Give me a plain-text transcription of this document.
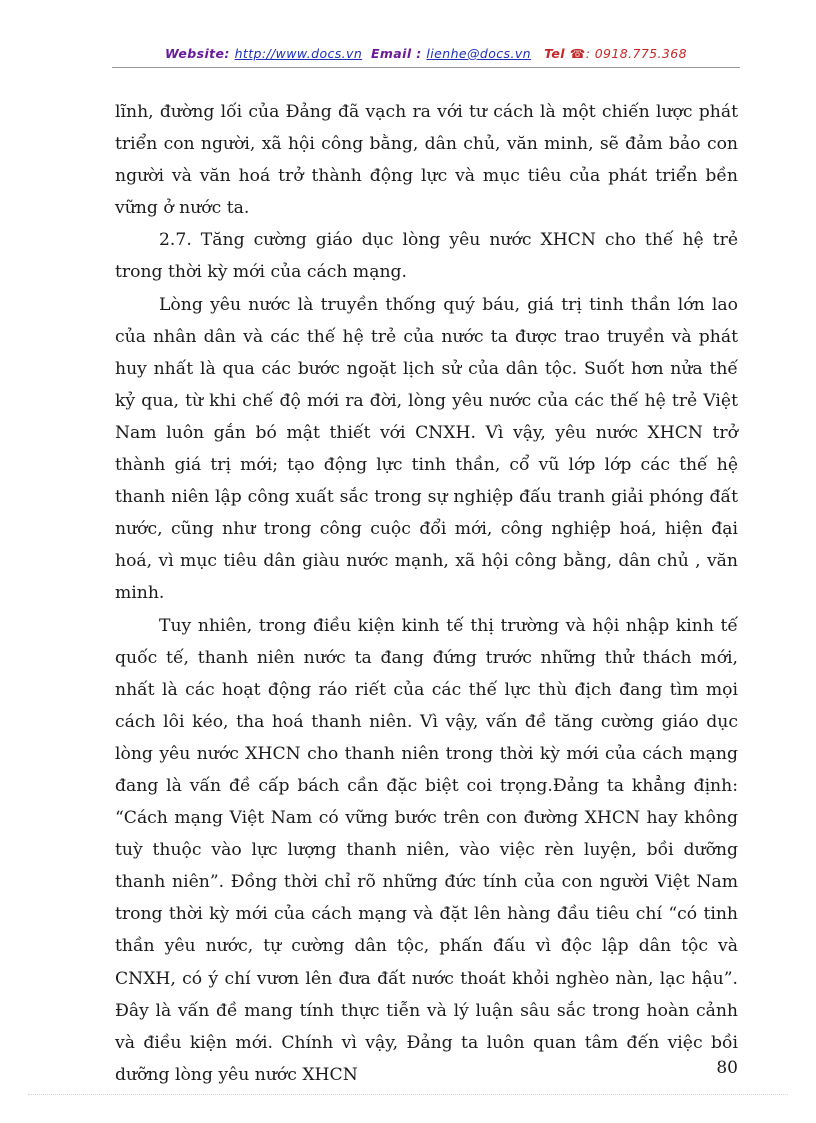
Website: http://www.docs.vn Email : lienhe@docs.vn Tel ☎: 0918.775.368

lĩnh, đường lối của Đảng đã vạch ra với tư cách là một chiến lược phát triển con người, xã hội công bằng, dân chủ, văn minh, sẽ đảm bảo con người và văn hoá trở thành động lực và mục tiêu của phát triển bền vững ở nước ta.

2.7. Tăng cường giáo dục lòng yêu nước XHCN cho thế hệ trẻ trong thời kỳ mới của cách mạng.

Lòng yêu nước là truyền thống quý báu, giá trị tinh thần lớn lao của nhân dân và các thế hệ trẻ của nước ta được trao truyền và phát huy nhất là qua các bước ngoặt lịch sử của dân tộc. Suốt hơn nửa thế kỷ qua, từ khi chế độ mới ra đời, lòng yêu nước của các thế hệ trẻ Việt Nam luôn gắn bó mật thiết với CNXH. Vì vậy, yêu nước XHCN trở thành giá trị mới; tạo động lực tinh thần, cổ vũ lớp lớp các thế hệ thanh niên lập công xuất sắc trong sự nghiệp đấu tranh giải phóng đất nước, cũng như trong công cuộc đổi mới, công nghiệp hoá, hiện đại hoá, vì mục tiêu dân giàu nước mạnh, xã hội công bằng, dân chủ , văn minh.

Tuy nhiên, trong điều kiện kinh tế thị trường và hội nhập kinh tế quốc tế, thanh niên nước ta đang đứng trước những thử thách mới, nhất là các hoạt động ráo riết của các thế lực thù địch đang tìm mọi cách lôi kéo, tha hoá thanh niên. Vì vậy, vấn đề tăng cường giáo dục lòng yêu nước XHCN cho thanh niên trong thời kỳ mới của cách mạng đang là vấn đề cấp bách cần đặc biệt coi trọng.Đảng ta khẳng định: “Cách mạng Việt Nam có vững bước trên con đường XHCN hay không tuỳ thuộc vào lực lượng thanh niên, vào việc rèn luyện, bồi dưỡng thanh niên”. Đồng thời chỉ rõ những đức tính của con người Việt Nam trong thời kỳ mới của cách mạng và đặt lên hàng đầu tiêu chí “có tinh thần yêu nước, tự cường dân tộc, phấn đấu vì độc lập dân tộc và CNXH, có ý chí vươn lên đưa đất nước thoát khỏi nghèo nàn, lạc hậu”. Đây là vấn đề mang tính thực tiễn và lý luận sâu sắc trong hoàn cảnh và điều kiện mới. Chính vì vậy, Đảng ta luôn quan tâm đến việc bồi dưỡng lòng yêu nước XHCN	80
